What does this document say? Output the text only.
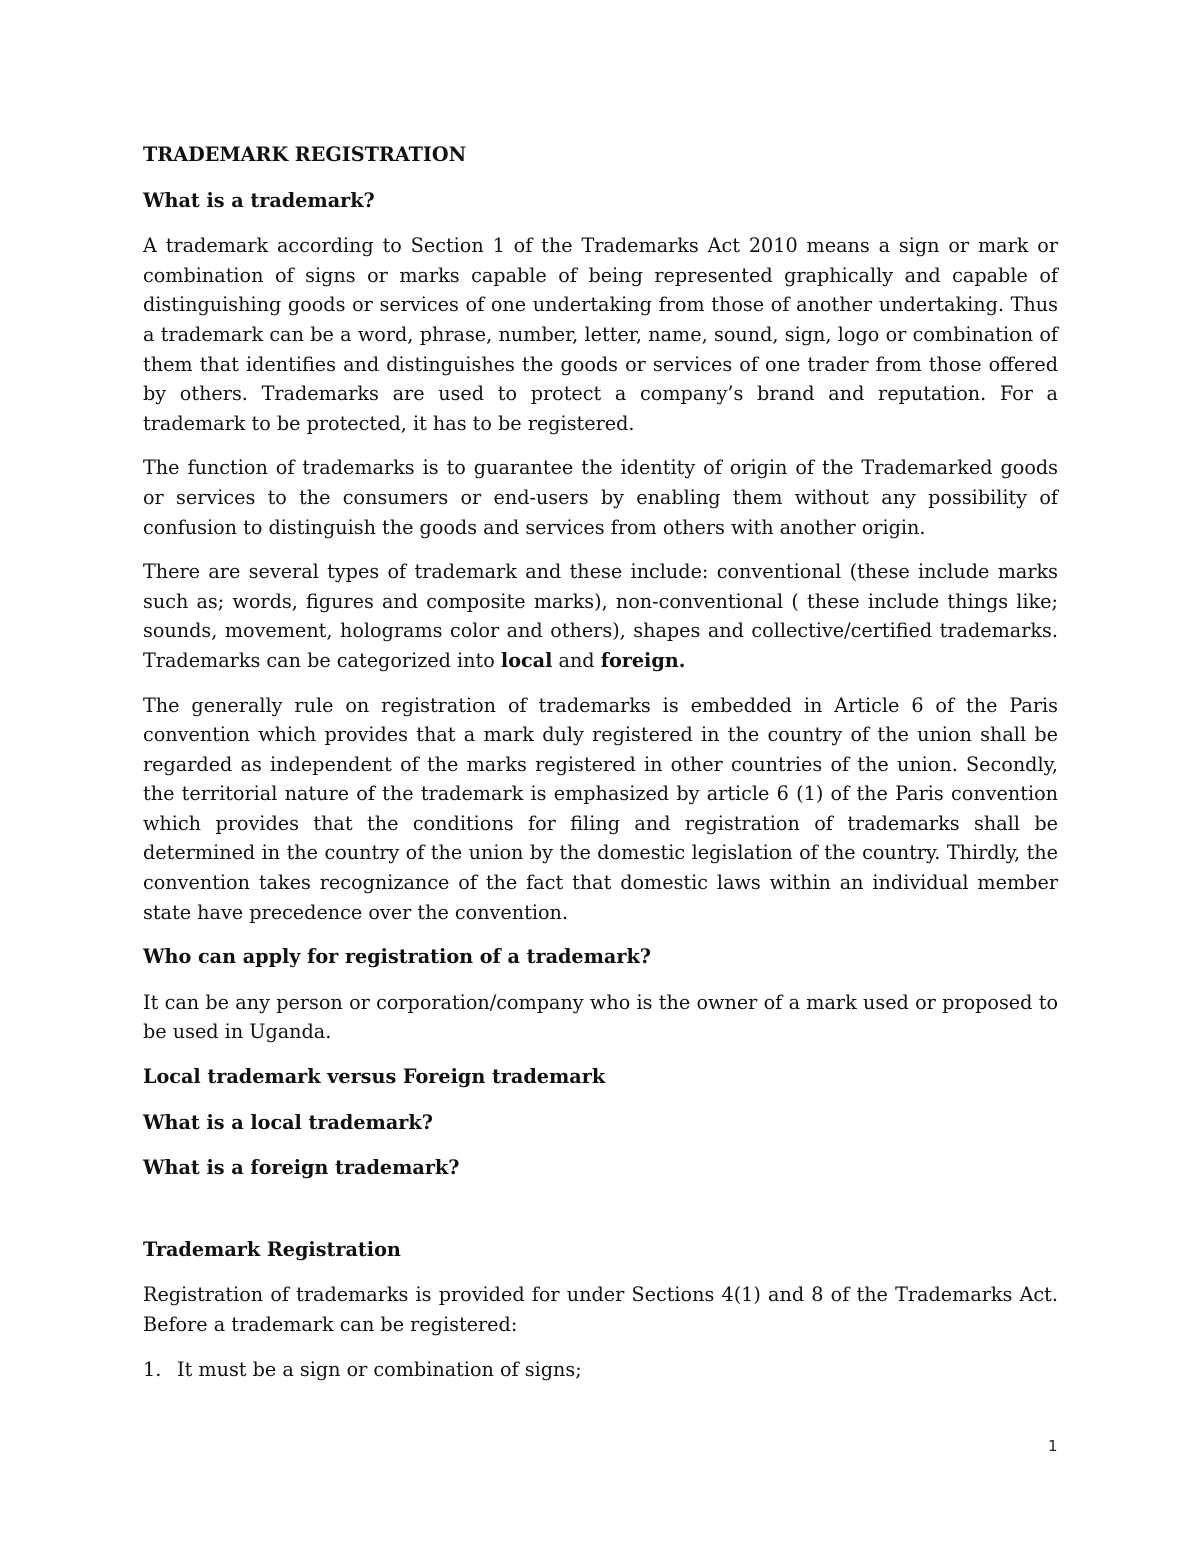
TRADEMARK REGISTRATION

What is a trademark?

A trademark according to Section 1 of the Trademarks Act 2010 means a sign or mark or combination of signs or marks capable of being represented graphically and capable of distinguishing goods or services of one undertaking from those of another undertaking. Thus a trademark can be a word, phrase, number, letter, name, sound, sign, logo or combination of them that identifies and distinguishes the goods or services of one trader from those offered by others. Trademarks are used to protect a company’s brand and reputation. For a trademark to be protected, it has to be registered.

The function of trademarks is to guarantee the identity of origin of the Trademarked goods or services to the consumers or end-users by enabling them without any possibility of confusion to distinguish the goods and services from others with another origin.

There are several types of trademark and these include: conventional (these include marks such as; words, figures and composite marks), non-conventional ( these include things like; sounds, movement, holograms color and others), shapes and collective/certified trademarks. Trademarks can be categorized into local and foreign.

The generally rule on registration of trademarks is embedded in Article 6 of the Paris convention which provides that a mark duly registered in the country of the union shall be regarded as independent of the marks registered in other countries of the union. Secondly, the territorial nature of the trademark is emphasized by article 6 (1) of the Paris convention which provides that the conditions for filing and registration of trademarks shall be determined in the country of the union by the domestic legislation of the country. Thirdly, the convention takes recognizance of the fact that domestic laws within an individual member state have precedence over the convention.

Who can apply for registration of a trademark?

It can be any person or corporation/company who is the owner of a mark used or proposed to be used in Uganda.

Local trademark versus Foreign trademark

What is a local trademark?

What is a foreign trademark?

Trademark Registration

Registration of trademarks is provided for under Sections 4(1) and 8 of the Trademarks Act. Before a trademark can be registered:

1. It must be a sign or combination of signs;
1
